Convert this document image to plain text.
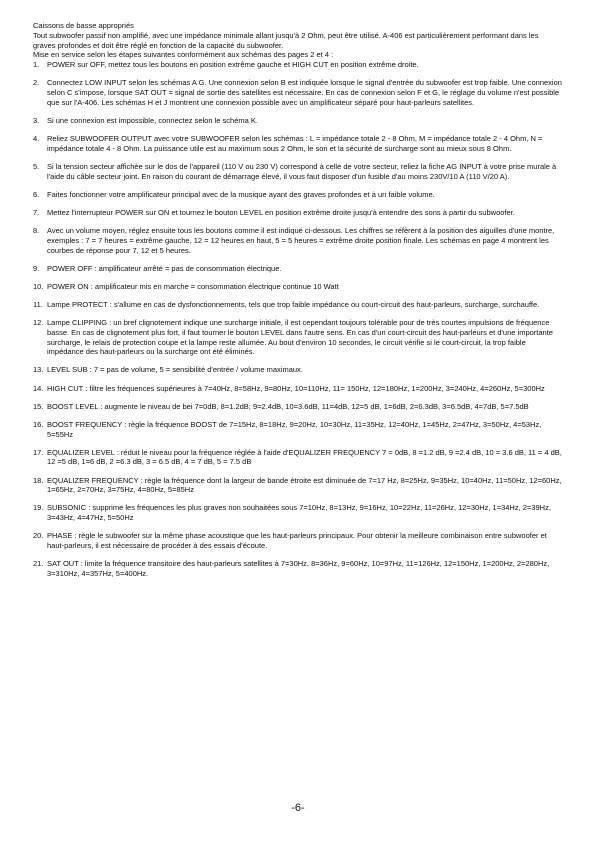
Caissons de basse appropriés

Tout subwoofer passif non amplifié, avec une impédance minimale allant jusqu'à 2 Ohm, peut être utilisé. A-406 est particulièrement performant dans les graves profondes et doit être réglé en fonction de la capacité du subwoofer.

Mise en service selon les étapes suivantes conformément aux schémas des pages 2 et 4 :

1. POWER sur OFF, mettez tous les boutons en position extrême gauche et HIGH CUT en position extrême droite.
2. Connectez LOW INPUT selon les schémas A G. Une connexion selon B est indiquée lorsque le signal d'entrée du subwoofer est trop faible. Une connexion selon C s'impose, lorsque SAT OUT = signal de sortie des satellites est nécessaire. En cas de connexion selon F et G, le réglage du volume n'est possible que sur l'A-406. Les schémas H et J montrent une connexion possible avec un amplificateur séparé pour haut-parleurs satellites.
3. Si une connexion est impossible, connectez selon le schéma K.
4. Reliez SUBWOOFER OUTPUT avec votre SUBWOOFER selon les schémas : L = impédance totale 2 - 8 Ohm, M = impédance totale 2 - 4 Ohm, N = impédance totale 4 - 8 Ohm. La puissance utile est au maximum sous 2 Ohm, le son et la sécurité de surcharge sont au mieux sous 8 Ohm.
5. Si la tension secteur affichée sur le dos de l'appareil (110 V ou 230 V) correspond à celle de votre secteur, reliez la fiche AG INPUT à votre prise murale à l'aide du câble secteur joint. En raison du courant de démarrage élevé, il vous faut disposer d'un fusible d'au moins 230V/10 A (110 V/20 A).
6. Faites fonctionner votre amplificateur principal avec de la musique ayant des graves profondes et à un faible volume.
7. Mettez l'interrupteur POWER sur ON et tournez le bouton LEVEL en position extrême droite jusqu'à entendre des sons à partir du subwoofer.
8. Avec un volume moyen, réglez ensuite tous les boutons comme il est indiqué ci-dessous. Les chiffres se réfèrent à la position des aiguilles d'une montre, exemples : 7 = 7 heures = extrême gauche, 12 = 12 heures en haut, 5 = 5 heures = extrême droite position finale. Les schémas en page 4 montrent les courbes de réponse pour 7, 12 et 5 heures.
9. POWER OFF : amplificateur arrêté = pas de consommation électrique.
10. POWER ON : amplificateur mis en marche = consommation électrique continue 10 Watt
11. Lampe PROTECT : s'allume en cas de dysfonctionnements, tels que trop faible impédance ou court-circuit des haut-parleurs, surcharge, surchauffe.
12. Lampe CLIPPING : un bref clignotement indique une surcharge initiale, il est cependant toujours tolérable pour de très courtes impulsions de fréquence basse. En cas de clignotement plus fort, il faut tourner le bouton LEVEL dans l'autre sens. En cas d'un court-circuit des haut-parleurs et d'une importante surcharge, le relais de protection coupe et la lampe reste allumée. Au bout d'environ 10 secondes, le circuit vérifie si le court-circuit, la trop faible impédance des haut-parleurs ou la surcharge ont été éliminés.
13. LEVEL SUB : 7 = pas de volume, 5 = sensibilité d'entrée / volume maximaux.
14. HIGH CUT : filtre les fréquences supérieures à 7=40Hz, 8=58Hz, 9=80Hz, 10=110Hz, 11= 150Hz, 12=180Hz, 1=200Hz, 3=240Hz, 4=260Hz, 5=300Hz
15. BOOST LEVEL : augmente le niveau de bei 7=0dB, 8=1.2dB; 9=2.4dB, 10=3.6dB, 11=4dB, 12=5 dB, 1=6dB, 2=6.3dB, 3=6.5dB, 4=7dB, 5=7.5dB
16. BOOST FREQUENCY : règle la fréquence BOOST de 7=15Hz, 8=18Hz, 9=20Hz, 10=30Hz, 11=35Hz, 12=40Hz, 1=45Hz, 2=47Hz, 3=50Hz, 4=53Hz, 5=55Hz
17. EQUALIZER LEVEL : réduit le niveau pour la fréquence réglée à l'aide d'EQUALIZER FREQUENCY 7 = 0dB, 8 =1.2 dB, 9 =2.4 dB, 10 = 3.6 dB, 11 = 4 dB, 12 =5 dB, 1=6 dB, 2 =6.3 dB, 3 = 6.5 dB, 4 = 7 dB, 5 = 7.5 dB
18. EQUALIZER FREQUENCY : règle la fréquence dont la largeur de bande étroite est diminuée de 7=17 Hz, 8=25Hz, 9=35Hz, 10=40Hz, 11=50Hz, 12=60Hz, 1=65Hz, 2=70Hz, 3=75Hz, 4=80Hz, 5=85Hz
19. SUBSONIC : supprime les fréquences les plus graves non souhaitées sous 7=10Hz, 8=13Hz, 9=16Hz, 10=22Hz, 11=26Hz, 12=30Hz, 1=34Hz, 2=39Hz, 3=43Hz, 4=47Hz, 5=50Hz
20. PHASE : règle le subwoofer sur la même phase acoustique que les haut-parleurs principaux. Pour obtenir la meilleure combinaison entre subwoofer et haut-parleurs, il est nécessaire de procéder à des essais d'écoute.
21. SAT OUT : limite la fréquence transitoire des haut-parleurs satellites à 7=30Hz, 8=36Hz, 9=60Hz, 10=97Hz, 11=126Hz, 12=150Hz, 1=200Hz, 2=280Hz, 3=310Hz, 4=357Hz, 5=400Hz.
-6-
